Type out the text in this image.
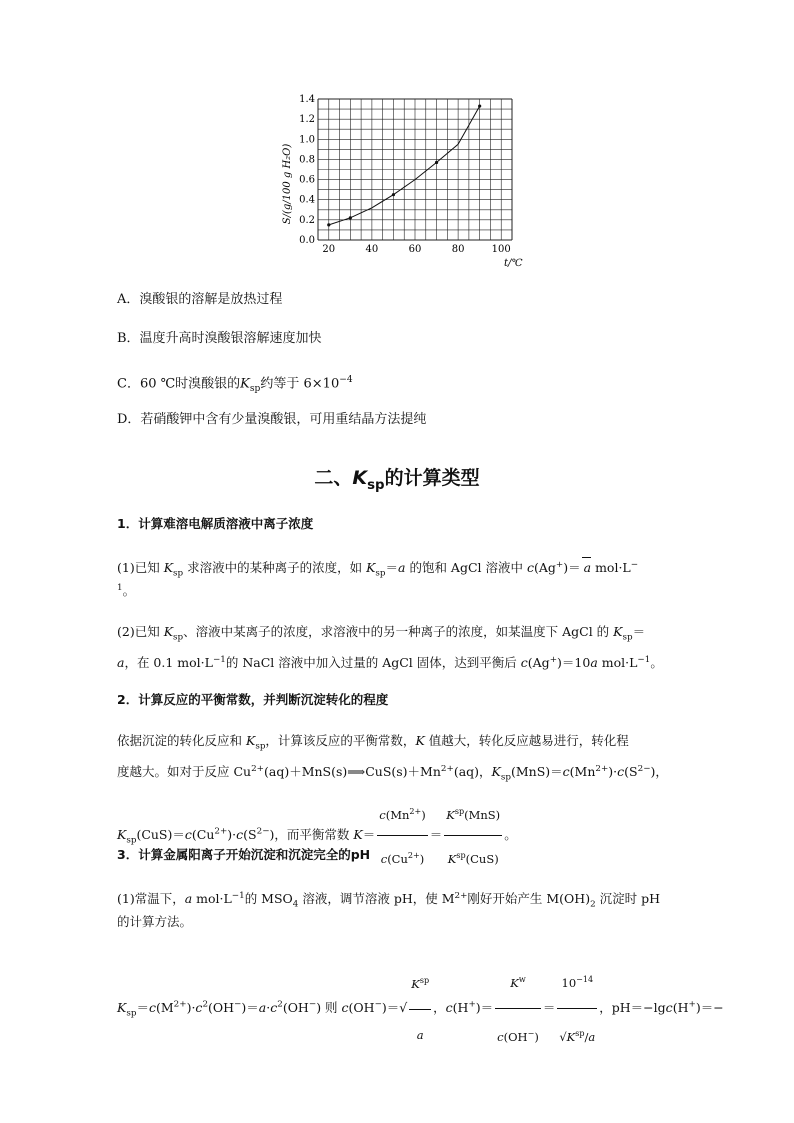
0.0
0.2
0.4
0.6
0.8
1.0
1.2
1.4
20	40	60	80	100
S/(g/100 g H₂O)
t/℃
A．溴酸银的溶解是放热过程
B．温度升高时溴酸银溶解速度加快
C．60 ℃时溴酸银的$K_{sp}$约等于 $6\times 10^{-4}$
D．若硝酸钾中含有少量溴酸银，可用重结晶方法提纯
二、$K_{sp}$的计算类型
1．计算难溶电解质溶液中离子浓度
(1)已知 $K_{sp}$ 求溶液中的某种离子的浓度，如 $K_{sp}=a$ 的饱和 AgCl 溶液中 c(Ag+)＝ a mol·L−
$^1$。
(2)已知 $K_{sp}$、溶液中某离子的浓度，求溶液中的另一种离子的浓度，如某温度下 AgCl 的 $K_{sp}=$
a，在 0.1 $mol\cdot L^{-1}$的 NaCl 溶液中加入过量的 AgCl 固体，达到平衡后 c(Ag+)＝10a $mol\cdot L^{-1}$。
2．计算反应的平衡常数，并判断沉淀转化的程度
依据沉淀的转化反应和 $K_{sp}$，计算该反应的平衡常数，K 值越大，转化反应越易进行，转化程
度越大。如对于反应 $Cu^{2+}(aq)+MnS(s)⟹CuS(s)+Mn^{2+}(aq)$，$K_{sp}(MnS)=c(Mn^{2+})\cdot c(S^{2-})$，
$K_{sp}(CuS)=c(Cu^{2+})\cdot c(S^{2-})$，而平衡常数 $K= \frac{c(Mn^{2+})}{c(Cu^{2+})} = \frac{K^{sp}(MnS)}{K^{sp}(CuS)}$ 。
3．计算金属阳离子开始沉淀和沉淀完全的pH
(1)常温下，a $mol\cdot L^{-1}$的 $MSO_4$ 溶液，调节溶液 pH，使 $M^{2+}$刚好开始产生 $M(OH)_2$ 沉淀时 pH
的计算方法。
$K_{sp}=c(M^{2+})\cdot c^2(OH^-)=a\cdot c^2(OH^-)$ 则 $c(OH^-)=√ \frac{K^{sp}}{a}$ ，$c(H^+)= \frac{K^w}{c(OH^-)} = \frac{10^{-14}}{√K^{sp}/a}$ ，pH＝−lgc(H+)＝−
